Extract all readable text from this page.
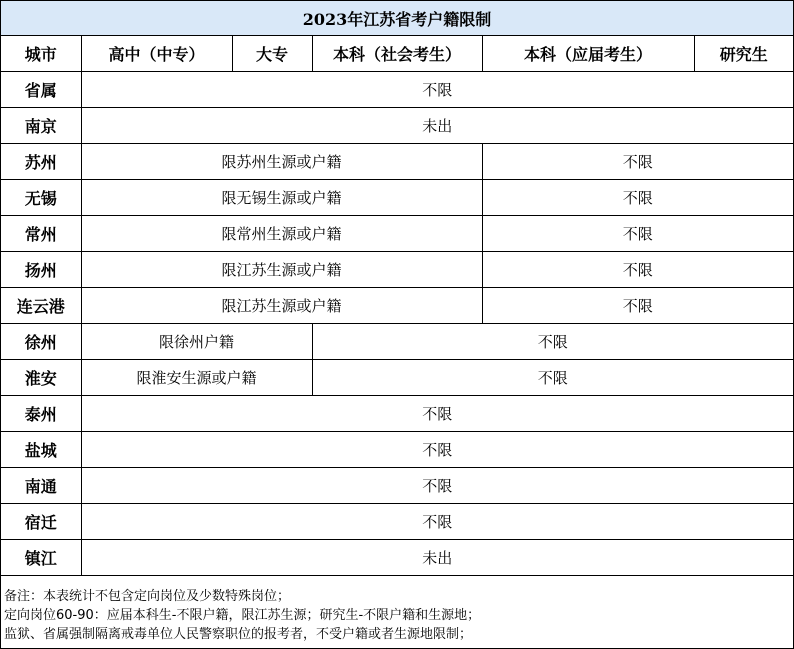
2023年江苏省考户籍限制					
城市	高中（中专）	大专	本科（社会考生）	本科（应届考生）	研究生
省属	不限				
南京	未出				
苏州	限苏州生源或户籍			不限	
无锡	限无锡生源或户籍			不限	
常州	限常州生源或户籍			不限	
扬州	限江苏生源或户籍			不限	
连云港	限江苏生源或户籍			不限	
徐州	限徐州户籍		不限		
淮安	限淮安生源或户籍		不限		
泰州	不限				
盐城	不限				
南通	不限				
宿迁	不限				
镇江	未出				
备注：本表统计不包含定向岗位及少数特殊岗位；
定向岗位60-90：应届本科生-不限户籍，限江苏生源；研究生-不限户籍和生源地；
监狱、省属强制隔离戒毒单位人民警察职位的报考者，不受户籍或者生源地限制；
